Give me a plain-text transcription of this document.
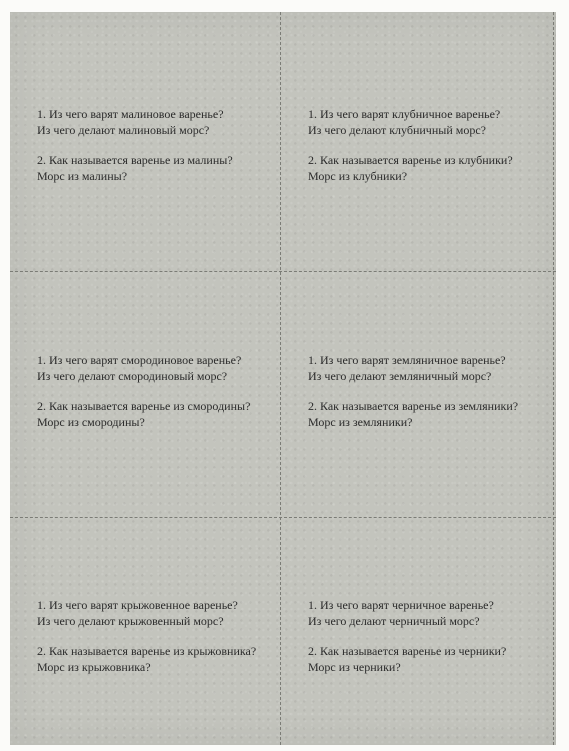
1. Из чего варят малиновое варенье?
Из чего делают малиновый морс?
2. Как называется варенье из малины?
Морс из малины?
1. Из чего варят клубничное варенье?
Из чего делают клубничный морс?
2. Как называется варенье из клубники?
Морс из клубники?
1. Из чего варят смородиновое варенье?
Из чего делают смородиновый морс?
2. Как называется варенье из смородины?
Морс из смородины?
1. Из чего варят земляничное варенье?
Из чего делают земляничный морс?
2. Как называется варенье из земляники?
Морс из земляники?
1. Из чего варят крыжовенное варенье?
Из чего делают крыжовенный морс?
2. Как называется варенье из крыжовника?
Морс из крыжовника?
1. Из чего варят черничное варенье?
Из чего делают черничный морс?
2. Как называется варенье из черники?
Морс из черники?
